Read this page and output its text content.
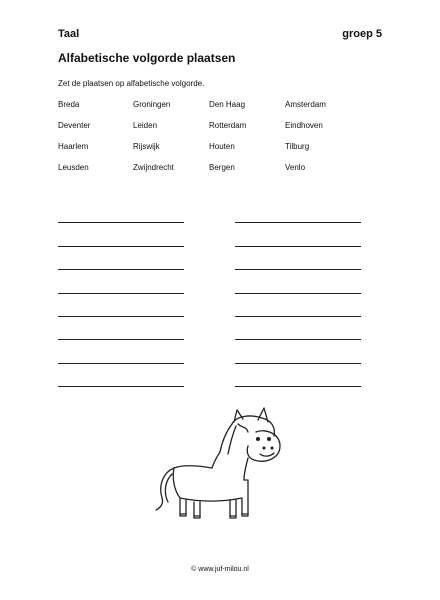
Taal	groep 5
Alfabetische volgorde plaatsen
Zet de plaatsen op alfabetische volgorde.
Breda	Groningen	Den Haag	Amsterdam
Deventer	Leiden	Rotterdam	Eindhoven
Haarlem	Rijswijk	Houten	Tilburg
Leusden	Zwijndrecht	Bergen	Venlo
© www.juf-milou.nl
